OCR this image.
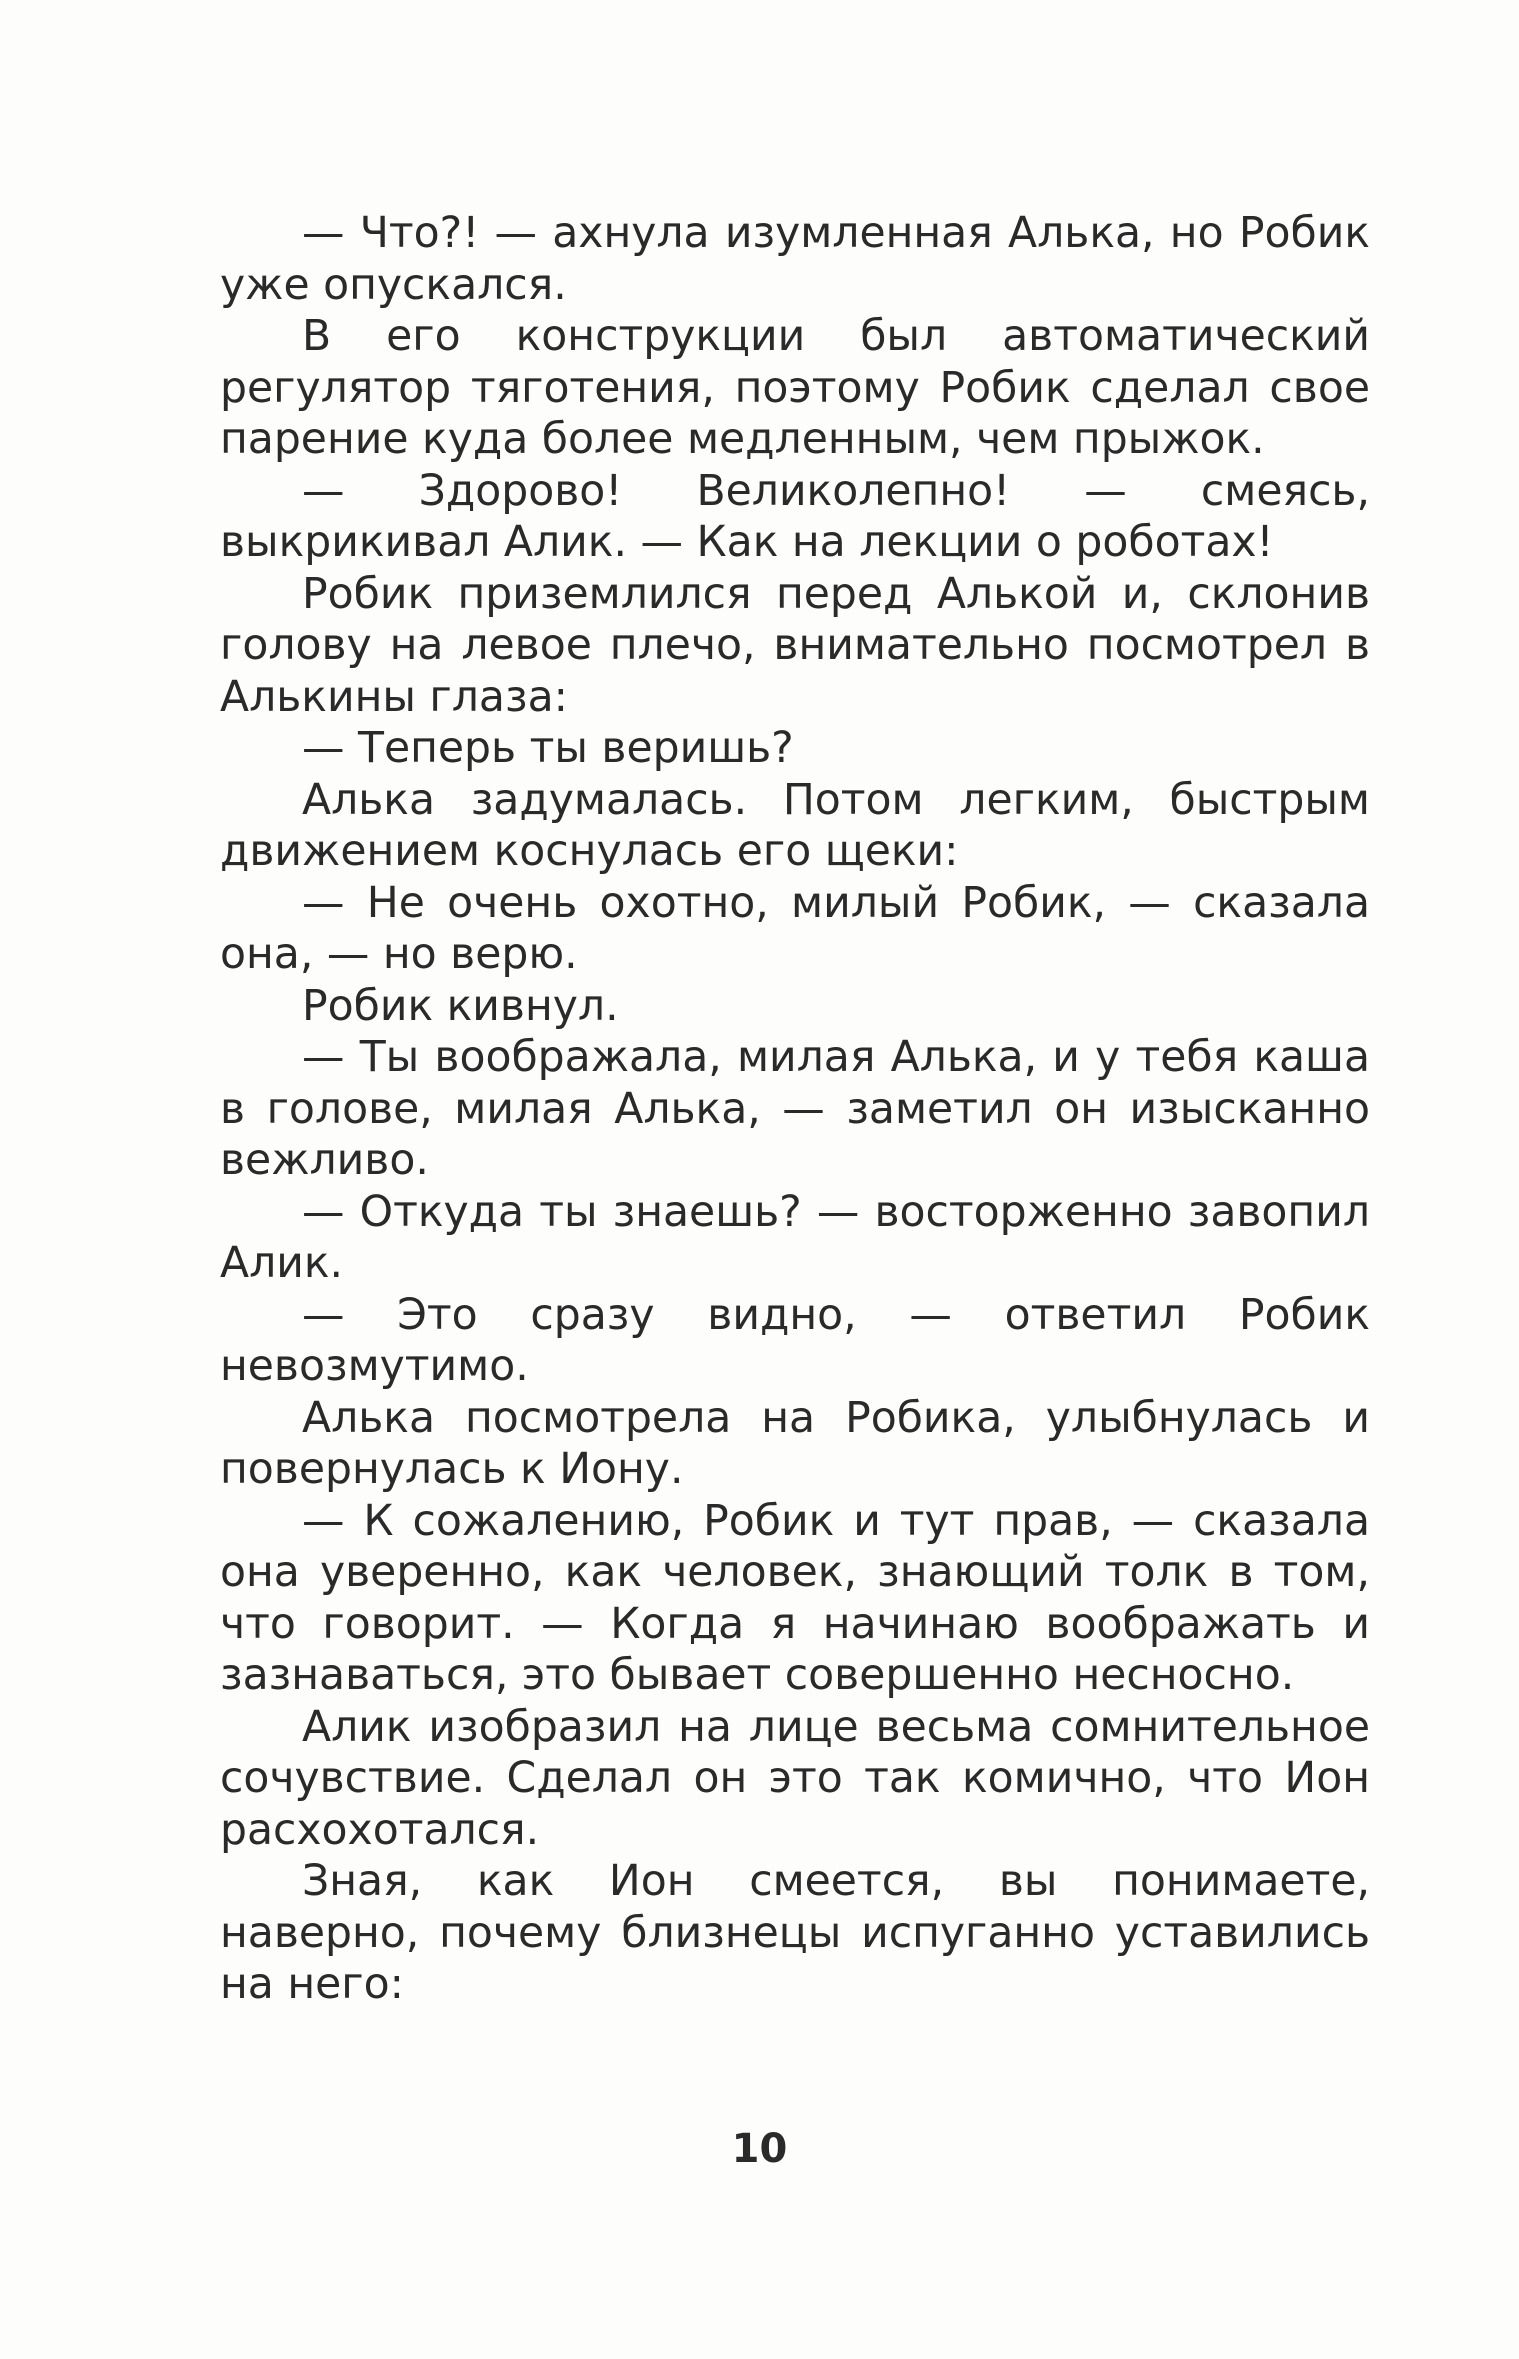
— Что?! — ахнула изумленная Алька, но Робик уже опускался.

В его конструкции был автоматический регулятор тяготения, поэтому Робик сделал свое парение куда более медленным, чем прыжок.

— Здорово! Великолепно! — смеясь, выкрикивал Алик. — Как на лекции о роботах!

Робик приземлился перед Алькой и, склонив голову на левое плечо, внимательно посмотрел в Алькины глаза:

— Теперь ты веришь?

Алька задумалась. Потом легким, быстрым движением коснулась его щеки:

— Не очень охотно, милый Робик, — сказала она, — но верю.

Робик кивнул.

— Ты воображала, милая Алька, и у тебя каша в голове, милая Алька, — заметил он изысканно вежливо.

— Откуда ты знаешь? — восторженно завопил Алик.

— Это сразу видно, — ответил Робик невозмутимо.

Алька посмотрела на Робика, улыбнулась и повернулась к Иону.

— К сожалению, Робик и тут прав, — сказала она уверенно, как человек, знающий толк в том, что говорит. — Когда я начинаю воображать и зазнаваться, это бывает совершенно несносно.

Алик изобразил на лице весьма сомнительное сочувствие. Сделал он это так комично, что Ион расхохотался.

Зная, как Ион смеется, вы понимаете, наверно, почему близнецы испуганно уставились на него:

10
